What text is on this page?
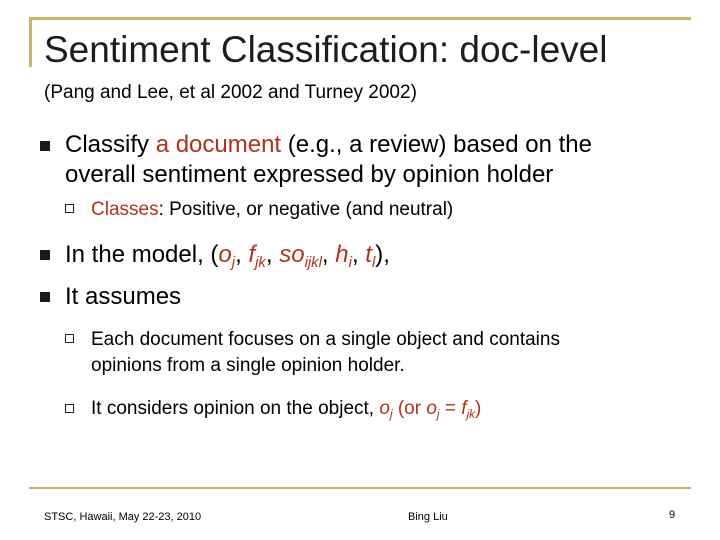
Sentiment Classification: doc-level
(Pang and Lee, et al 2002 and Turney 2002)
Classify a document (e.g., a review) based on the
overall sentiment expressed by opinion holder
Classes: Positive, or negative (and neutral)
In the model, ($o_j$, $f_{jk}$, $so_{ijkl}$, $h_i$, $t_l$),
It assumes
Each document focuses on a single object and contains
opinions from a single opinion holder.
It considers opinion on the object, $o_j$ (or $o_j = f_{jk}$)
STSC, Hawaii, May 22-23, 2010	Bing Liu	9
